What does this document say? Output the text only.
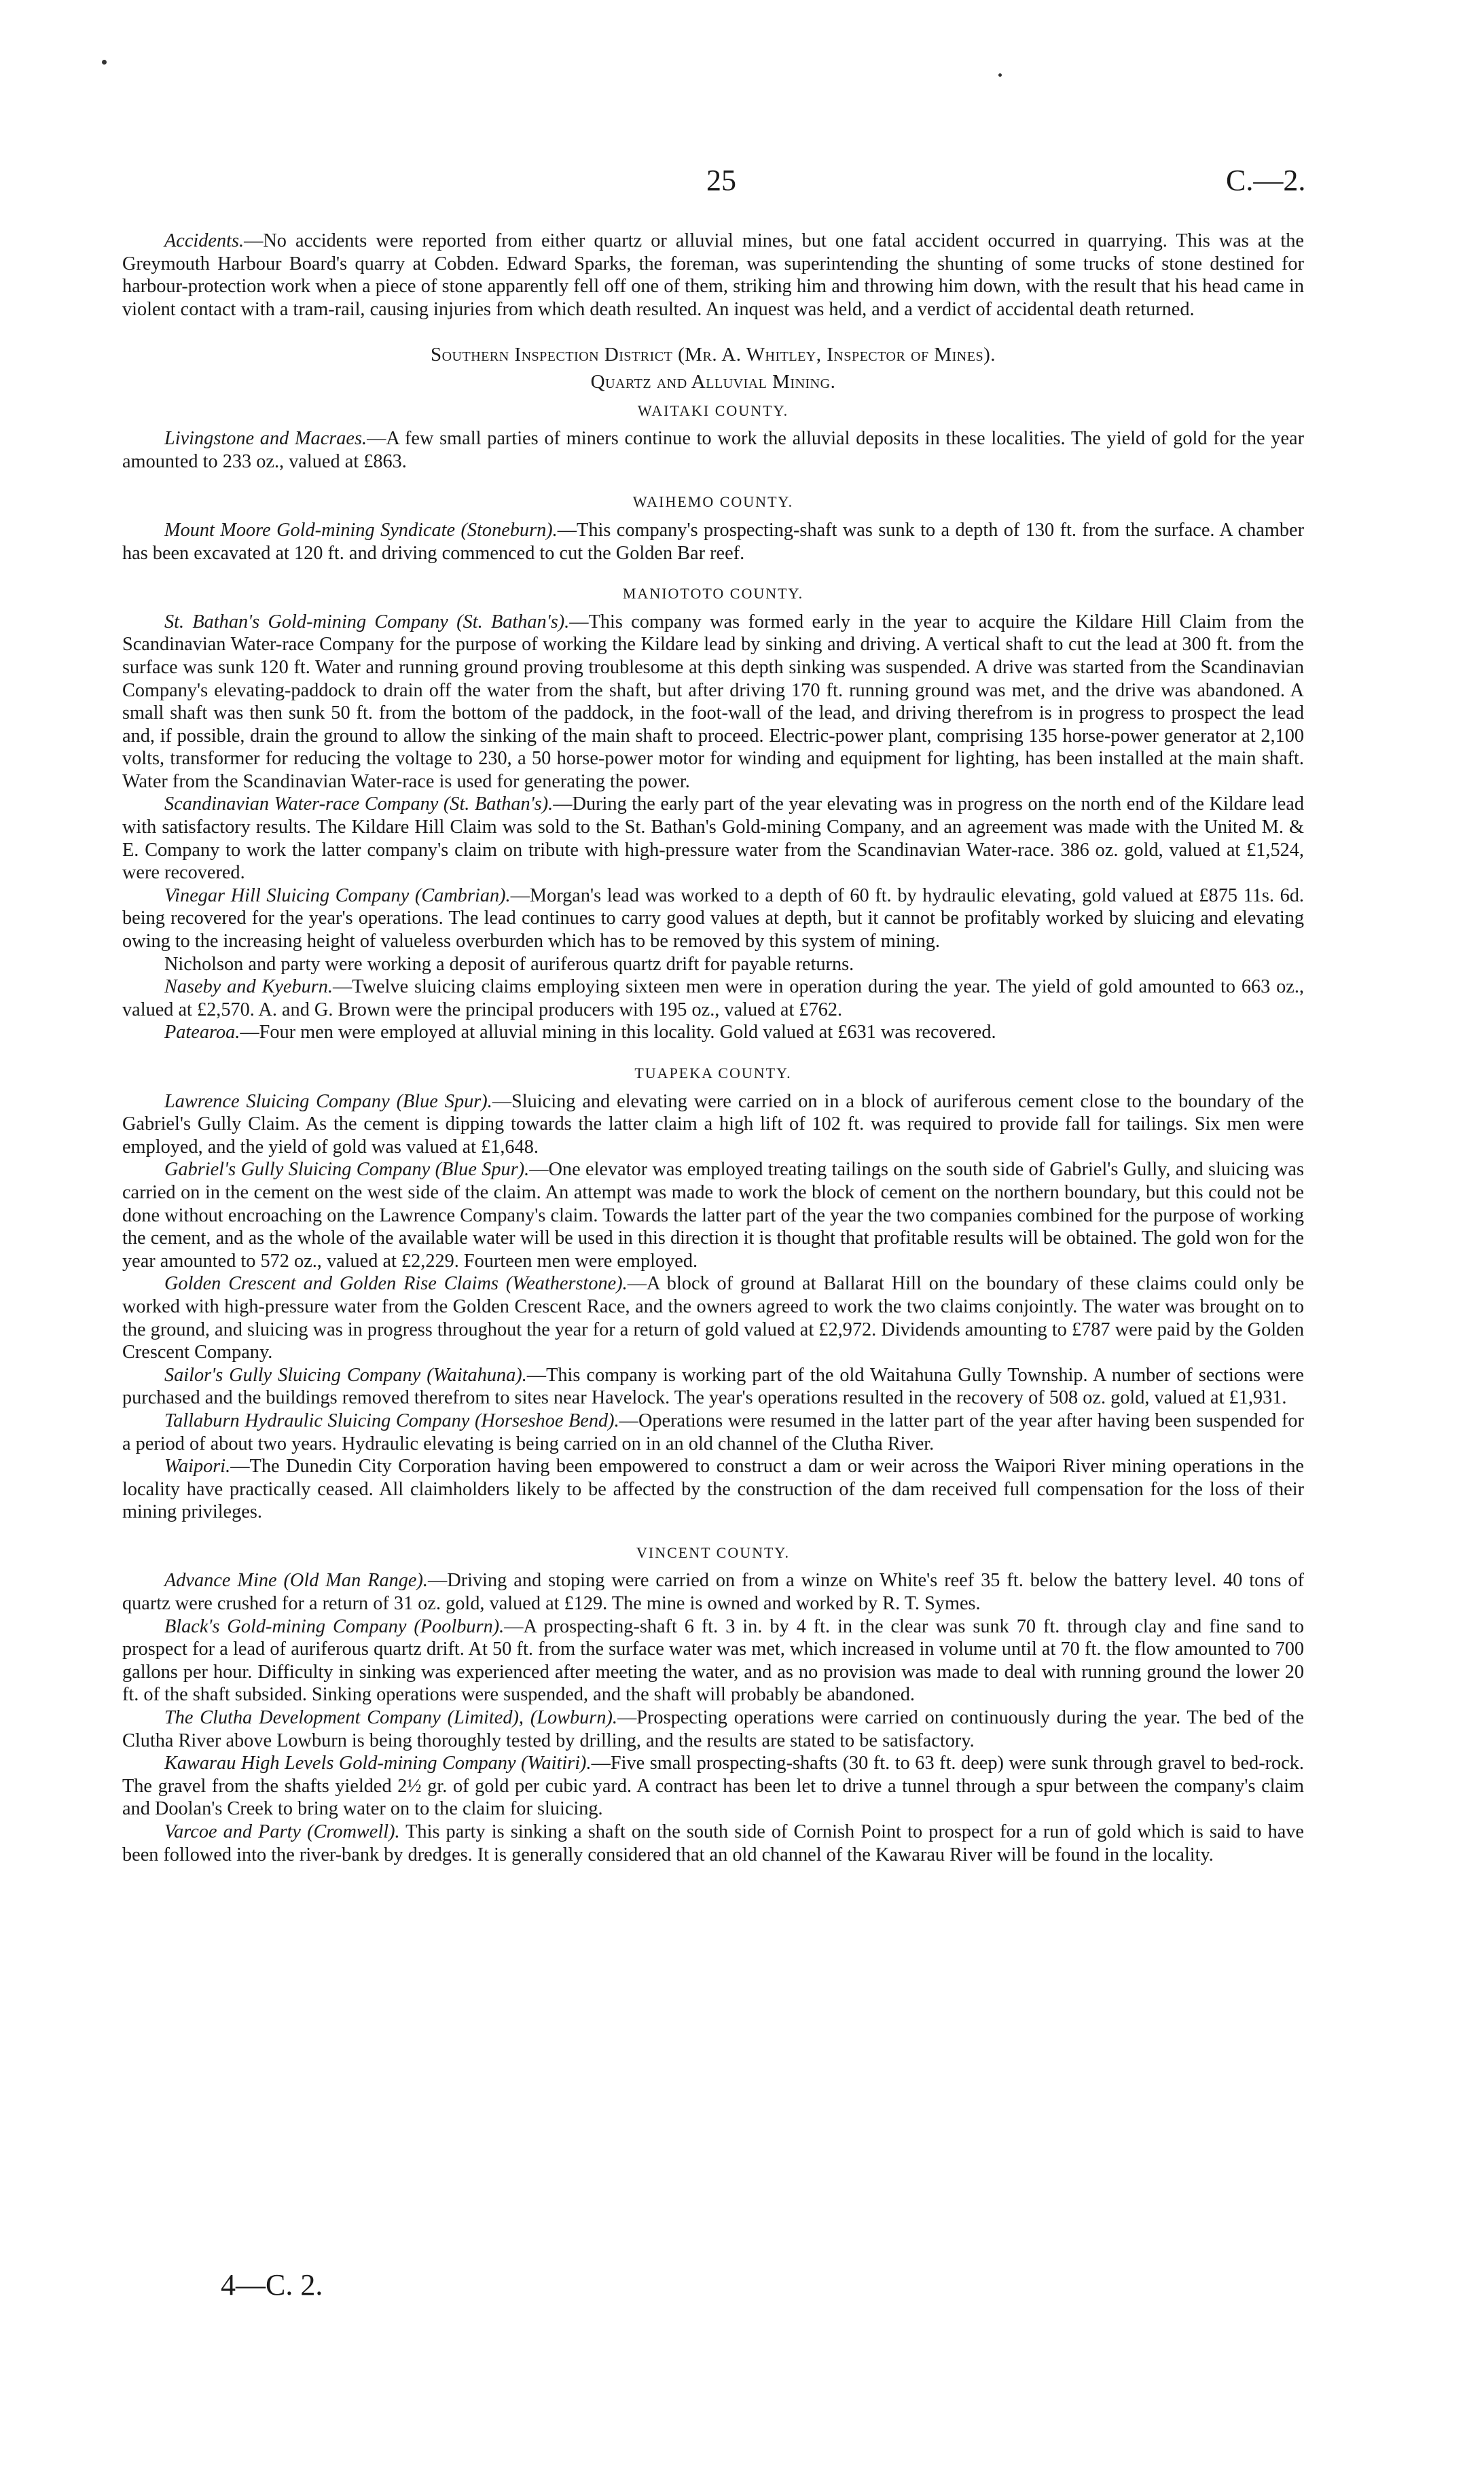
25	C.—2.

Accidents.—No accidents were reported from either quartz or alluvial mines, but one fatal accident occurred in quarrying. This was at the Greymouth Harbour Board's quarry at Cobden. Edward Sparks, the foreman, was superintending the shunting of some trucks of stone destined for harbour-protection work when a piece of stone apparently fell off one of them, striking him and throwing him down, with the result that his head came in violent contact with a tram-rail, causing injuries from which death resulted. An inquest was held, and a verdict of accidental death returned.

Southern Inspection District (Mr. A. Whitley, Inspector of Mines).
Quartz and Alluvial Mining.
WAITAKI COUNTY.

Livingstone and Macraes.—A few small parties of miners continue to work the alluvial deposits in these localities. The yield of gold for the year amounted to 233 oz., valued at £863.

WAIHEMO COUNTY.

Mount Moore Gold-mining Syndicate (Stoneburn).—This company's prospecting-shaft was sunk to a depth of 130 ft. from the surface. A chamber has been excavated at 120 ft. and driving commenced to cut the Golden Bar reef.

MANIOTOTO COUNTY.

St. Bathan's Gold-mining Company (St. Bathan's).—This company was formed early in the year to acquire the Kildare Hill Claim from the Scandinavian Water-race Company for the purpose of working the Kildare lead by sinking and driving. A vertical shaft to cut the lead at 300 ft. from the surface was sunk 120 ft. Water and running ground proving troublesome at this depth sinking was suspended. A drive was started from the Scandinavian Company's elevating-paddock to drain off the water from the shaft, but after driving 170 ft. running ground was met, and the drive was abandoned. A small shaft was then sunk 50 ft. from the bottom of the paddock, in the foot-wall of the lead, and driving therefrom is in progress to prospect the lead and, if possible, drain the ground to allow the sinking of the main shaft to proceed. Electric-power plant, comprising 135 horse-power generator at 2,100 volts, transformer for reducing the voltage to 230, a 50 horse-power motor for winding and equipment for lighting, has been installed at the main shaft. Water from the Scandinavian Water-race is used for generating the power.

Scandinavian Water-race Company (St. Bathan's).—During the early part of the year elevating was in progress on the north end of the Kildare lead with satisfactory results. The Kildare Hill Claim was sold to the St. Bathan's Gold-mining Company, and an agreement was made with the United M. & E. Company to work the latter company's claim on tribute with high-pressure water from the Scandinavian Water-race. 386 oz. gold, valued at £1,524, were recovered.

Vinegar Hill Sluicing Company (Cambrian).—Morgan's lead was worked to a depth of 60 ft. by hydraulic elevating, gold valued at £875 11s. 6d. being recovered for the year's operations. The lead continues to carry good values at depth, but it cannot be profitably worked by sluicing and elevating owing to the increasing height of valueless overburden which has to be removed by this system of mining.

Nicholson and party were working a deposit of auriferous quartz drift for payable returns.

Naseby and Kyeburn.—Twelve sluicing claims employing sixteen men were in operation during the year. The yield of gold amounted to 663 oz., valued at £2,570. A. and G. Brown were the principal producers with 195 oz., valued at £762.

Patearoa.—Four men were employed at alluvial mining in this locality. Gold valued at £631 was recovered.

TUAPEKA COUNTY.

Lawrence Sluicing Company (Blue Spur).—Sluicing and elevating were carried on in a block of auriferous cement close to the boundary of the Gabriel's Gully Claim. As the cement is dipping towards the latter claim a high lift of 102 ft. was required to provide fall for tailings. Six men were employed, and the yield of gold was valued at £1,648.

Gabriel's Gully Sluicing Company (Blue Spur).—One elevator was employed treating tailings on the south side of Gabriel's Gully, and sluicing was carried on in the cement on the west side of the claim. An attempt was made to work the block of cement on the northern boundary, but this could not be done without encroaching on the Lawrence Company's claim. Towards the latter part of the year the two companies combined for the purpose of working the cement, and as the whole of the available water will be used in this direction it is thought that profitable results will be obtained. The gold won for the year amounted to 572 oz., valued at £2,229. Fourteen men were employed.

Golden Crescent and Golden Rise Claims (Weatherstone).—A block of ground at Ballarat Hill on the boundary of these claims could only be worked with high-pressure water from the Golden Crescent Race, and the owners agreed to work the two claims conjointly. The water was brought on to the ground, and sluicing was in progress throughout the year for a return of gold valued at £2,972. Dividends amounting to £787 were paid by the Golden Crescent Company.

Sailor's Gully Sluicing Company (Waitahuna).—This company is working part of the old Waitahuna Gully Township. A number of sections were purchased and the buildings removed therefrom to sites near Havelock. The year's operations resulted in the recovery of 508 oz. gold, valued at £1,931.

Tallaburn Hydraulic Sluicing Company (Horseshoe Bend).—Operations were resumed in the latter part of the year after having been suspended for a period of about two years. Hydraulic elevating is being carried on in an old channel of the Clutha River.

Waipori.—The Dunedin City Corporation having been empowered to construct a dam or weir across the Waipori River mining operations in the locality have practically ceased. All claimholders likely to be affected by the construction of the dam received full compensation for the loss of their mining privileges.

VINCENT COUNTY.

Advance Mine (Old Man Range).—Driving and stoping were carried on from a winze on White's reef 35 ft. below the battery level. 40 tons of quartz were crushed for a return of 31 oz. gold, valued at £129. The mine is owned and worked by R. T. Symes.

Black's Gold-mining Company (Poolburn).—A prospecting-shaft 6 ft. 3 in. by 4 ft. in the clear was sunk 70 ft. through clay and fine sand to prospect for a lead of auriferous quartz drift. At 50 ft. from the surface water was met, which increased in volume until at 70 ft. the flow amounted to 700 gallons per hour. Difficulty in sinking was experienced after meeting the water, and as no provision was made to deal with running ground the lower 20 ft. of the shaft subsided. Sinking operations were suspended, and the shaft will probably be abandoned.

The Clutha Development Company (Limited), (Lowburn).—Prospecting operations were carried on continuously during the year. The bed of the Clutha River above Lowburn is being thoroughly tested by drilling, and the results are stated to be satisfactory.

Kawarau High Levels Gold-mining Company (Waitiri).—Five small prospecting-shafts (30 ft. to 63 ft. deep) were sunk through gravel to bed-rock. The gravel from the shafts yielded 2½ gr. of gold per cubic yard. A contract has been let to drive a tunnel through a spur between the company's claim and Doolan's Creek to bring water on to the claim for sluicing.

Varcoe and Party (Cromwell). This party is sinking a shaft on the south side of Cornish Point to prospect for a run of gold which is said to have been followed into the river-bank by dredges. It is generally considered that an old channel of the Kawarau River will be found in the locality.

4—C. 2.
